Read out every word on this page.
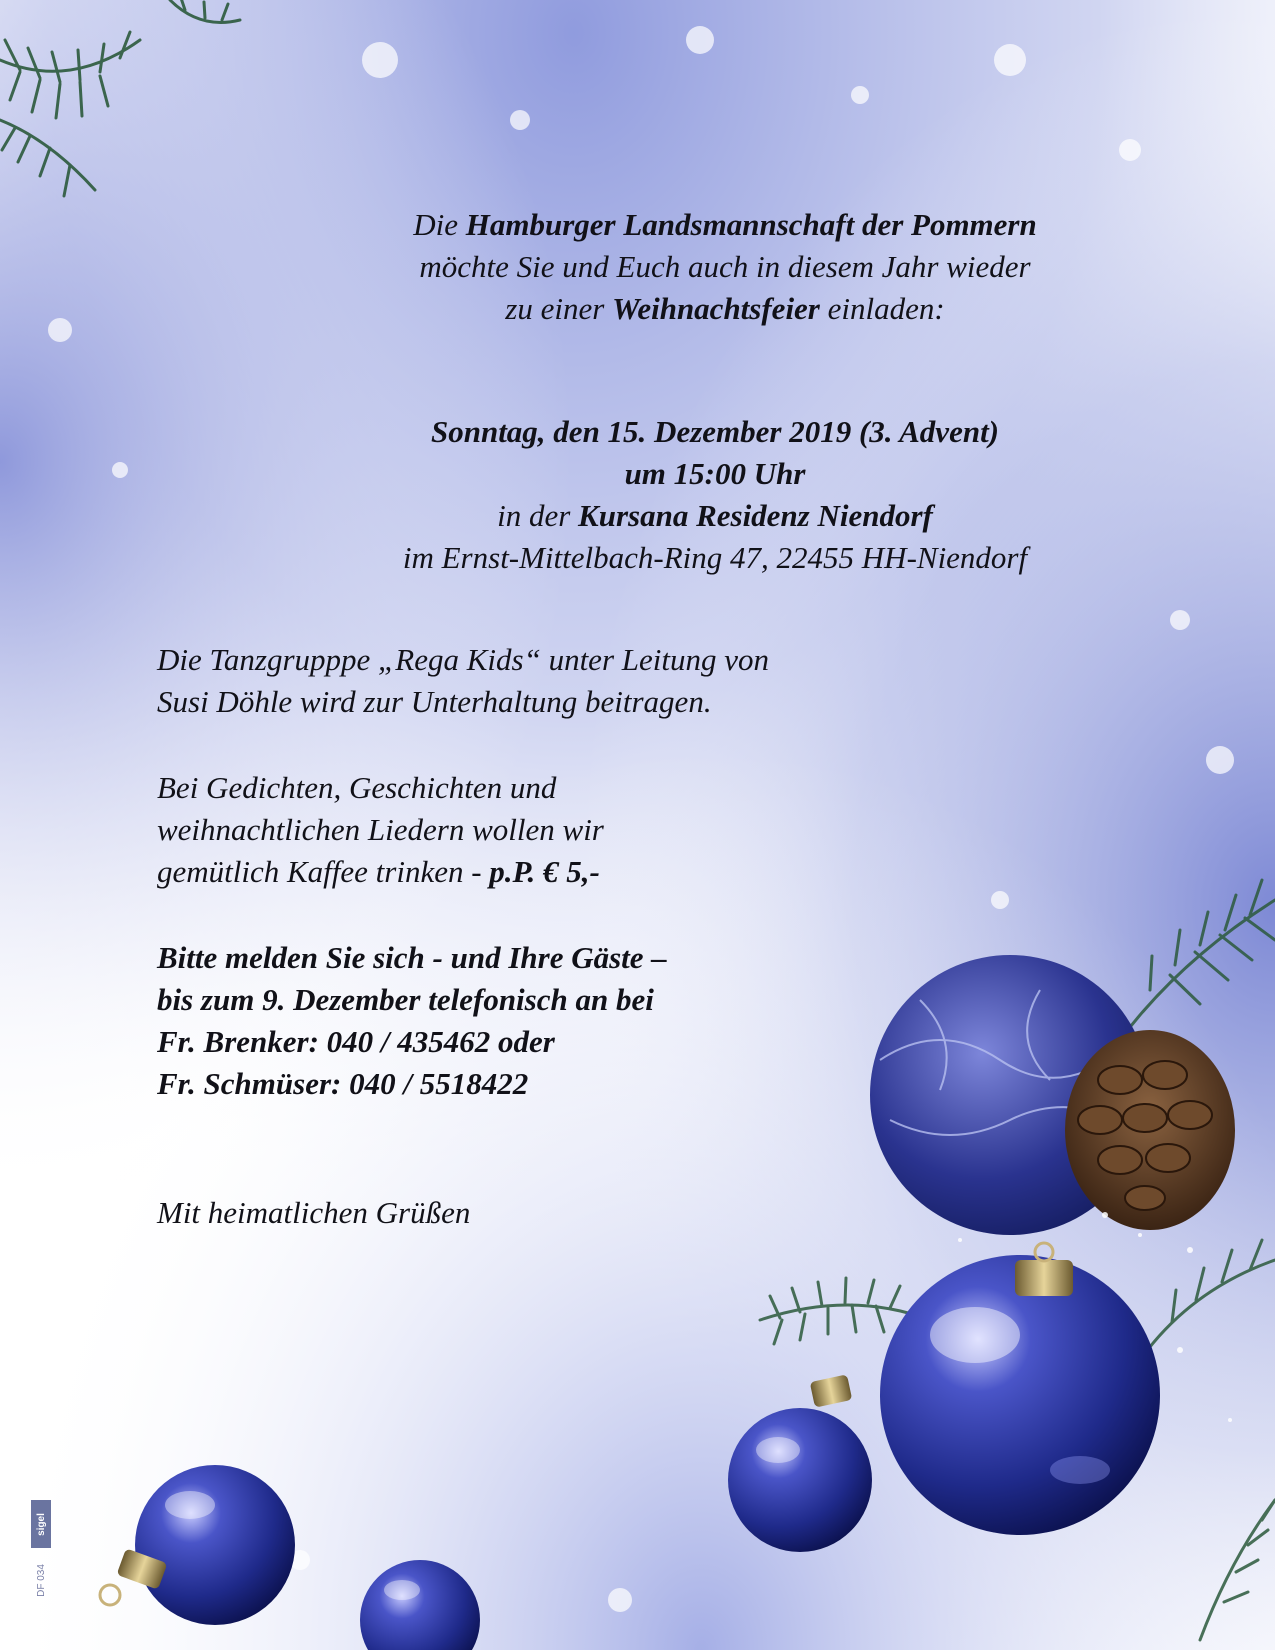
Die Hamburger Landsmannschaft der Pommern

möchte Sie und Euch auch in diesem Jahr wieder

zu einer Weihnachtsfeier einladen:

Sonntag, den 15. Dezember 2019 (3. Advent)

um 15:00 Uhr

in der Kursana Residenz Niendorf

im Ernst-Mittelbach-Ring 47, 22455 HH-Niendorf

Die Tanzgrupppe „Rega Kids“ unter Leitung von

Susi Döhle wird zur Unterhaltung beitragen.

Bei Gedichten, Geschichten und

weihnachtlichen Liedern wollen wir

gemütlich Kaffee trinken - p.P. € 5,-

Bitte melden Sie sich - und Ihre Gäste –

bis zum 9. Dezember telefonisch an bei

Fr. Brenker: 040 / 435462 oder

Fr. Schmüser: 040 / 5518422

Mit heimatlichen Grüßen

sigel
DF 034
